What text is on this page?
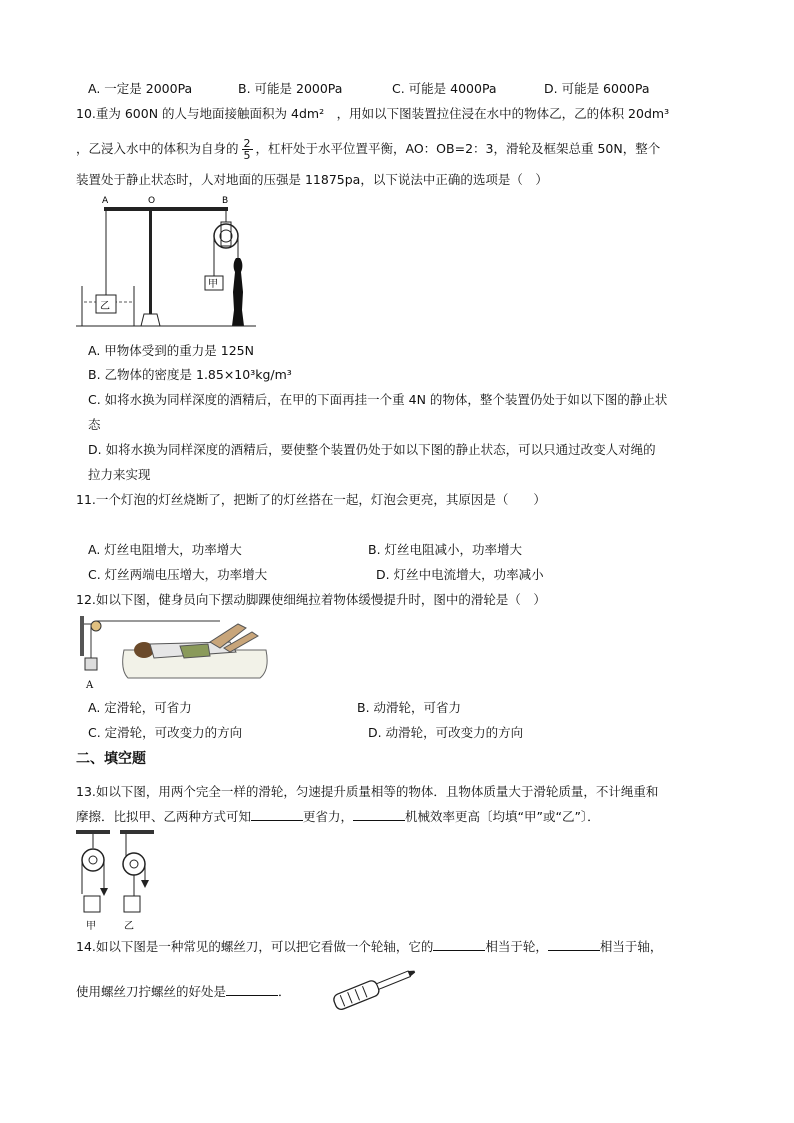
A. 一定是 2000Pa	B. 可能是 2000Pa	C. 可能是 4000Pa	D. 可能是 6000Pa
10.重为 600N 的人与地面接触面积为 4dm²　，用如以下图装置拉住浸在水中的物体乙，乙的体积 20dm³
，乙浸入水中的体积为自身的 $\frac{2}{5}$ ，杠杆处于水平位置平衡，AO：OB=2：3，滑轮及框架总重 50N，整个
装置处于静止状态时，人对地面的压强是 11875pa，以下说法中正确的选项是（　）
A	O	B
乙
甲
A. 甲物体受到的重力是 125N
B. 乙物体的密度是 1.85×10³kg/m³
C. 如将水换为同样深度的酒精后，在甲的下面再挂一个重 4N 的物体，整个装置仍处于如以下图的静止状
态
D. 如将水换为同样深度的酒精后，要使整个装置仍处于如以下图的静止状态，可以只通过改变人对绳的
拉力来实现
11.一个灯泡的灯丝烧断了，把断了的灯丝搭在一起，灯泡会更亮，其原因是（　　）
A. 灯丝电阻增大，功率增大	B. 灯丝电阻减小，功率增大
C. 灯丝两端电压增大，功率增大	D. 灯丝中电流增大，功率减小
12.如以下图，健身员向下摆动脚踝使细绳拉着物体缓慢提升时，图中的滑轮是（　）
A
A. 定滑轮，可省力	B. 动滑轮，可省力
C. 定滑轮，可改变力的方向	D. 动滑轮，可改变力的方向
二、填空题
13.如以下图，用两个完全一样的滑轮，匀速提升质量相等的物体．且物体质量大于滑轮质量，不计绳重和
摩擦．比拟甲、乙两种方式可知	更省力，	机械效率更高〔均填“甲”或“乙”〕．
甲	乙
14.如以下图是一种常见的螺丝刀，可以把它看做一个轮轴，它的	相当于轮，	相当于轴，
使用螺丝刀拧螺丝的好处是	．
